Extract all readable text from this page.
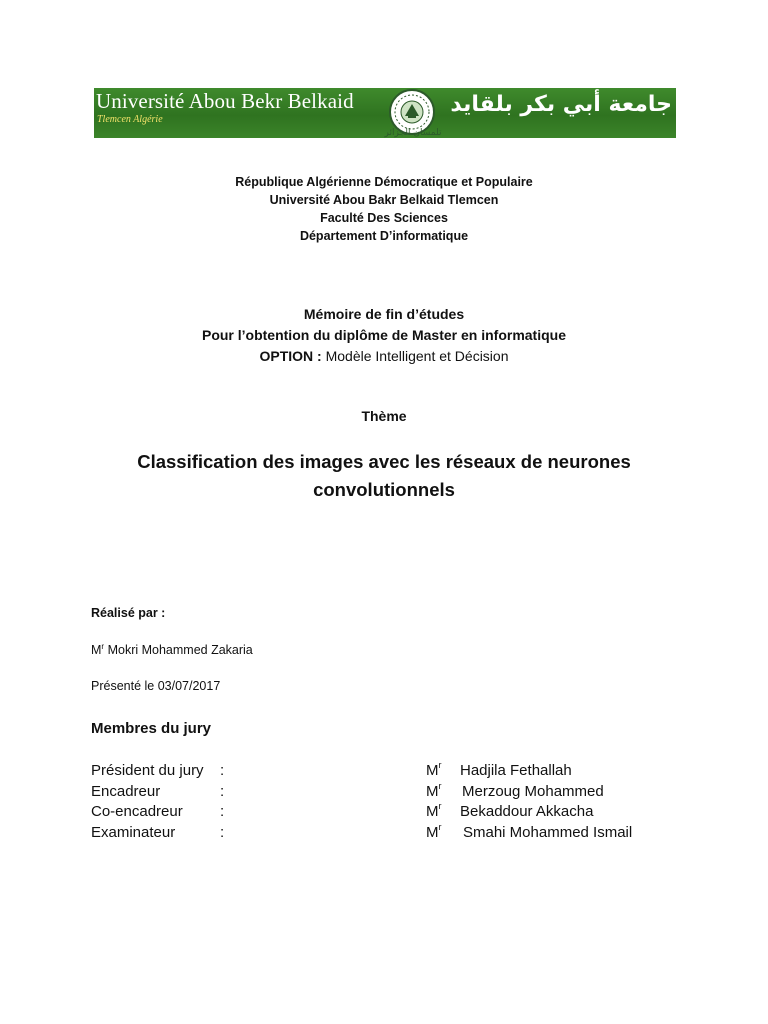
Université Abou Bekr Belkaid
Tlemcen Algérie
جامعة أبي بكر بلقايد
تلمسان الجزائر
République Algérienne Démocratique et Populaire
Université Abou Bakr Belkaid Tlemcen
Faculté Des Sciences
Département D’informatique
Mémoire de fin d’études
Pour l’obtention du diplôme de Master en informatique
OPTION : Modèle Intelligent et Décision
Thème
Classification des images avec les réseaux de neurones
convolutionnels
Réalisé par :
$M^r$ Mokri Mohammed Zakaria
Présenté le 03/07/2017
Membres du jury
Président du jury :	$M^r$ Hadjila Fethallah
Encadreur	:	$M^r$ Merzoug Mohammed
Co-encadreur :	$M^r$ Bekaddour Akkacha
Examinateur	:	$M^r$ Smahi Mohammed Ismail
